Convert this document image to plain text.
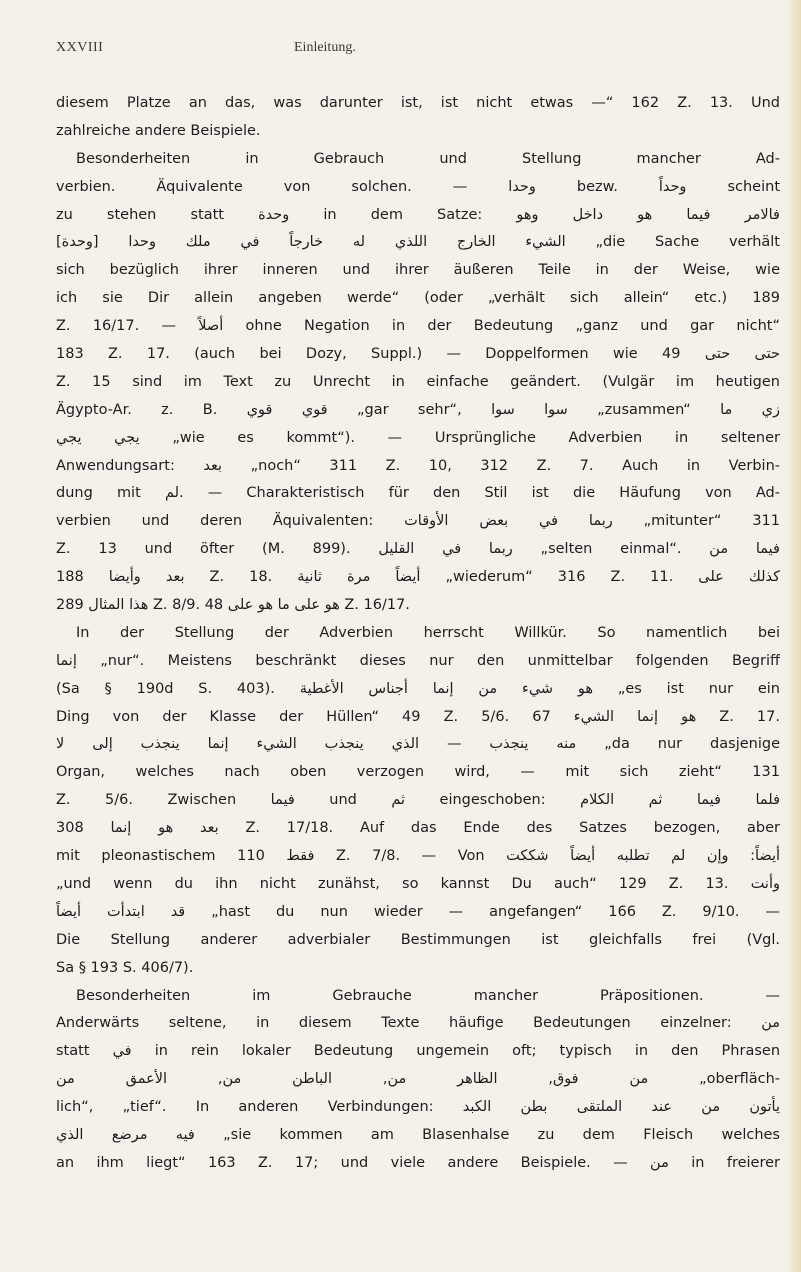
XXVIII	Einleitung.
diesem Platze an das, was darunter ist, ist nicht etwas —“ 162 Z. 13. Und
zahlreiche andere Beispiele.
Besonderheiten in Gebrauch und Stellung mancher Ad-
verbien. Äquivalente von solchen. — وحدا bezw. وحداً scheint
zu stehen statt وحدة in dem Satze: فالامر فيما هو داخل وهو
[وحدة] الشيء الخارج اللذي له خارجاً في ملك وحدا „die Sache verhält
sich bezüglich ihrer inneren und ihrer äußeren Teile in der Weise, wie
ich sie Dir allein angeben werde“ (oder „verhält sich allein“ etc.) 189
Z. 16/17. — أصلاً ohne Negation in der Bedeutung „ganz und gar nicht“
183 Z. 17. (auch bei Dozy, Suppl.) — Doppelformen wie حتى حتى 49
Z. 15 sind im Text zu Unrecht in einfache geändert. (Vulgär im heutigen
Ägypto-Ar. z. B. قوي قوي „gar sehr“, سوا سوا „zusammen“ زي ما
يجي يجي „wie es kommt“). — Ursprüngliche Adverbien in seltener
Anwendungsart: بعد „noch“ 311 Z. 10, 312 Z. 7. Auch in Verbin-
dung mit لم. — Charakteristisch für den Stil ist die Häufung von Ad-
verbien und deren Äquivalenten: ربما في بعض الأوقات „mitunter“ 311
Z. 13 und öfter (M. 899). ربما في القليل „selten einmal“. فيما من
بعد وأيضا 188 Z. 18. أيضاً مرة ثانية „wiederum“ 316 Z. 11. كذلك على
هذا المثال 289 Z. 8/9. هو على ما هو على 48 Z. 16/17.
In der Stellung der Adverbien herrscht Willkür. So namentlich bei
إنما „nur“. Meistens beschränkt dieses nur den unmittelbar folgenden Begriff
(Sa § 190d S. 403). هو شيء من إنما أجناس الأغطية „es ist nur ein
Ding von der Klasse der Hüllen“ 49 Z. 5/6. هو إنما الشيء 67 Z. 17.
منه ينجذب — الذي ينجذب الشيء إنما ينجذب إلى لا „da nur dasjenige
Organ, welches nach oben verzogen wird, — mit sich zieht“ 131
Z. 5/6. Zwischen فيما und ثم eingeschoben: فلما فيما ثم الكلام
بعد هو إنما 308 Z. 17/18. Auf das Ende des Satzes bezogen, aber
mit pleonastischem فقط 110 Z. 7/8. — Von أيضاً: وإن لم تطلبه أيضاً شككت
„und wenn du ihn nicht zunähst, so kannst Du auch“ 129 Z. 13. وأنت
قد ابتدأت أيضاً „hast du nun wieder — angefangen“ 166 Z. 9/10. —
Die Stellung anderer adverbialer Bestimmungen ist gleichfalls frei (Vgl.
Sa § 193 S. 406/7).
Besonderheiten im Gebrauche mancher Präpositionen. —
Anderwärts seltene, in diesem Texte häufige Bedeutungen einzelner: من
statt في in rein lokaler Bedeutung ungemein oft; typisch in den Phrasen
من فوق, الظاهر من, الباطن من, الأعمق من „oberfläch-
lich“, „tief“. In anderen Verbindungen: يأتون من عند الملتقى بطن الكبد
فيه مرضع الذي „sie kommen am Blasenhalse zu dem Fleisch welches
an ihm liegt“ 163 Z. 17; und viele andere Beispiele. — من in freierer
